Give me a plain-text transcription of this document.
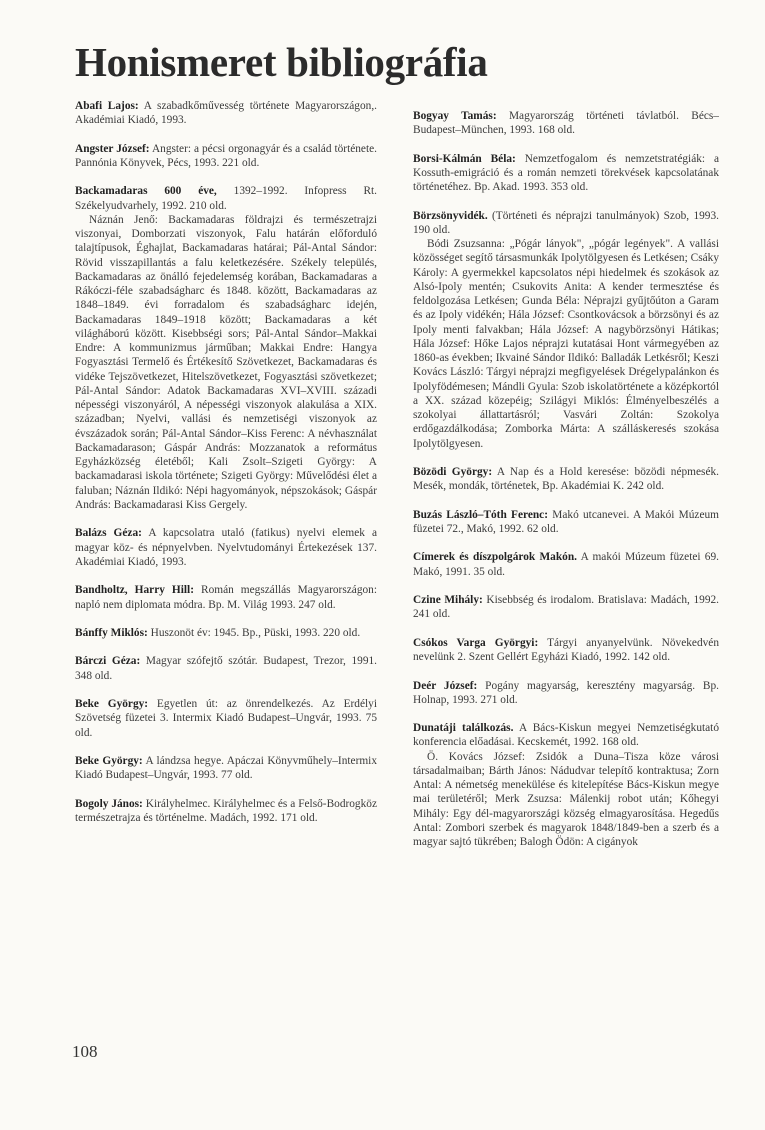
Honismeret bibliográfia

Abafi Lajos: A szabadkőművesség története Magyarországon,. Akadémiai Kiadó, 1993.

Angster József: Angster: a pécsi orgonagyár és a család története. Pannónia Könyvek, Pécs, 1993. 221 old.

Backamadaras 600 éve, 1392–1992. Infopress Rt. Székelyudvarhely, 1992. 210 old.

Náznán Jenő: Backamadaras földrajzi és természetrajzi viszonyai, Domborzati viszonyok, Falu határán előforduló talajtípusok, Éghajlat, Backamadaras határai; Pál-Antal Sándor: Rövid visszapillantás a falu keletkezésére. Székely település, Backamadaras az önálló fejedelemség korában, Backamadaras a Rákóczi-féle szabadságharc és 1848. között, Backamadaras az 1848–1849. évi forradalom és szabadságharc idején, Backamadaras 1849–1918 között; Backamadaras a két világháború között. Kisebbségi sors; Pál-Antal Sándor–Makkai Endre: A kommunizmus járműban; Makkai Endre: Hangya Fogyasztási Termelő és Értékesítő Szövetkezet, Backamadaras és vidéke Tejszövetkezet, Hitelszövetkezet, Fogyasztási szövetkezet; Pál-Antal Sándor: Adatok Backamadaras XVI–XVIII. századi népességi viszonyáról, A népességi viszonyok alakulása a XIX. században; Nyelvi, vallási és nemzetiségi viszonyok az évszázadok során; Pál-Antal Sándor–Kiss Ferenc: A névhasználat Backamadarason; Gáspár András: Mozzanatok a református Egyházközség életéből; Kali Zsolt–Szigeti György: A backamadarasi iskola története; Szigeti György: Művelődési élet a faluban; Náznán Ildikó: Népi hagyományok, népszokások; Gáspár András: Backamadarasi Kiss Gergely.

Balázs Géza: A kapcsolatra utaló (fatikus) nyelvi elemek a magyar köz- és népnyelvben. Nyelvtudományi Értekezések 137. Akadémiai Kiadó, 1993.

Bandholtz, Harry Hill: Román megszállás Magyarországon: napló nem diplomata módra. Bp. M. Világ 1993. 247 old.

Bánffy Miklós: Huszonöt év: 1945. Bp., Püski, 1993. 220 old.

Bárczi Géza: Magyar szófejtő szótár. Budapest, Trezor, 1991. 348 old.

Beke György: Egyetlen út: az önrendelkezés. Az Erdélyi Szövetség füzetei 3. Intermix Kiadó Budapest–Ungvár, 1993. 75 old.

Beke György: A lándzsa hegye. Apáczai Könyvműhely–Intermix Kiadó Budapest–Ungvár, 1993. 77 old.

Bogoly János: Királyhelmec. Királyhelmec és a Felső-Bodrogköz természetrajza és történelme. Madách, 1992. 171 old.

Bogyay Tamás: Magyarország történeti távlatból. Bécs–Budapest–München, 1993. 168 old.

Borsi-Kálmán Béla: Nemzetfogalom és nemzetstratégiák: a Kossuth-emigráció és a román nemzeti törekvések kapcsolatának történetéhez. Bp. Akad. 1993. 353 old.

Börzsönyvidék. (Történeti és néprajzi tanulmányok) Szob, 1993. 190 old.

Bódi Zsuzsanna: „Pógár lányok", „pógár legények". A vallási közösséget segítő társasmunkák Ipolytölgyesen és Letkésen; Csáky Károly: A gyermekkel kapcsolatos népi hiedelmek és szokások az Alsó-Ipoly mentén; Csukovits Anita: A kender termesztése és feldolgozása Letkésen; Gunda Béla: Néprajzi gyűjtőúton a Garam és az Ipoly vidékén; Hála József: Csontkovácsok a börzsönyi és az Ipoly menti falvakban; Hála József: A nagybörzsönyi Hátikas; Hála József: Hőke Lajos néprajzi kutatásai Hont vármegyében az 1860-as években; Ikvainé Sándor Ildikó: Balladák Letkésről; Keszi Kovács László: Tárgyi néprajzi megfigyelések Drégelypalánkon és Ipolyfödémesen; Mándli Gyula: Szob iskolatörténete a középkortól a XX. század közepéig; Szilágyi Miklós: Élményelbeszélés a szokolyai állattartásról; Vasvári Zoltán: Szokolya erdőgazdálkodása; Zomborka Márta: A szálláskeresés szokása Ipolytölgyesen.

Bözödi György: A Nap és a Hold keresése: bözödi népmesék. Mesék, mondák, történetek, Bp. Akadémiai K. 242 old.

Buzás László–Tóth Ferenc: Makó utcanevei. A Makói Múzeum füzetei 72., Makó, 1992. 62 old.

Címerek és díszpolgárok Makón. A makói Múzeum füzetei 69. Makó, 1991. 35 old.

Czine Mihály: Kisebbség és irodalom. Bratislava: Madách, 1992. 241 old.

Csókos Varga Györgyi: Tárgyi anyanyelvünk. Növekedvén nevelünk 2. Szent Gellért Egyházi Kiadó, 1992. 142 old.

Deér József: Pogány magyarság, keresztény magyarság. Bp. Holnap, 1993. 271 old.

Dunatáji találkozás. A Bács-Kiskun megyei Nemzetiségkutató konferencia előadásai. Kecskemét, 1992. 168 old.

Ö. Kovács József: Zsidók a Duna–Tisza köze városi társadalmaiban; Bárth János: Nádudvar telepítő kontraktusa; Zorn Antal: A németség menekülése és kitelepítése Bács-Kiskun megye mai területéről; Merk Zsuzsa: Málenkij robot után; Kőhegyi Mihály: Egy dél-magyarországi község elmagyarosítása. Hegedűs Antal: Zombori szerbek és magyarok 1848/1849-ben a szerb és a magyar sajtó tükrében; Balogh Ödön: A cigányok

108
